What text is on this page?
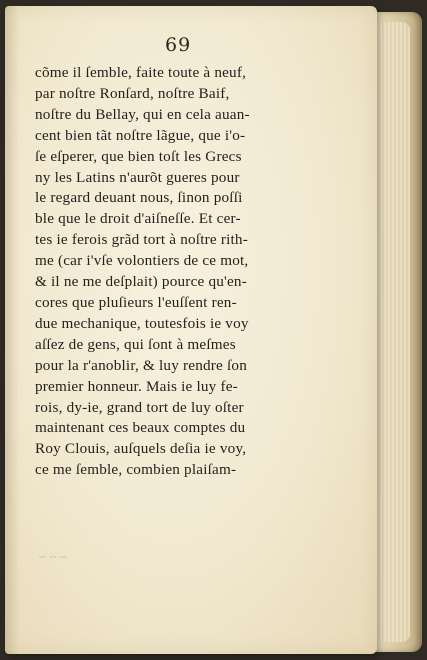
69
cõme il ſemble, faite toute à neuf,
par noſtre Ronſard, noſtre Baif,
noſtre du Bellay, qui en cela auan-
cent bien tãt noſtre lãgue, que i'o-
ſe eſperer, que bien toſt les Grecs
ny les Latins n'aurõt gueres pour
le regard deuant nous, ſinon poſſi
ble que le droit d'aiſneſſe. Et cer-
tes ie ferois grãd tort à noſtre rith-
me (car i'vſe volontiers de ce mot,
& il ne me deſplait) pource qu'en-
cores que pluſieurs l'euſſent ren-
due mechanique, toutesfois ie voy
aſſez de gens, qui ſont à meſmes
pour la r'anoblir, & luy rendre ſon
premier honneur. Mais ie luy fe-
rois, dy-ie, grand tort de luy oſter
maintenant ces beaux comptes du
Roy Clouis, auſquels deſia ie voy,
ce me ſemble, combien plaiſam-
~ ~ ~
